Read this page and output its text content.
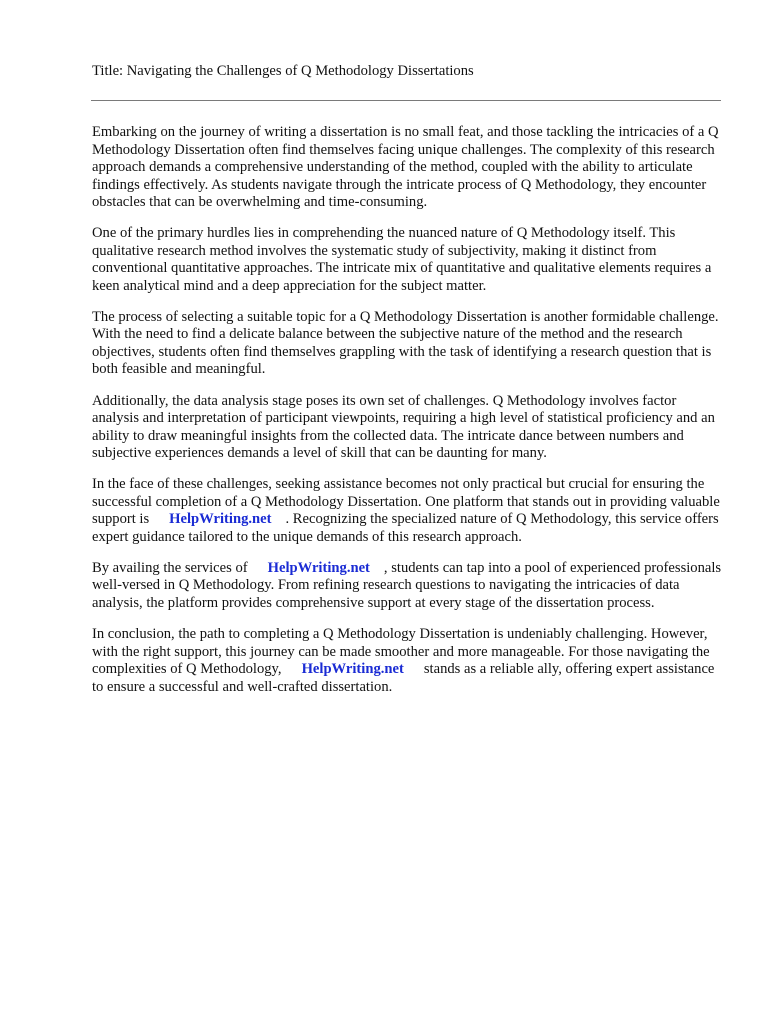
Title: Navigating the Challenges of Q Methodology Dissertations

Embarking on the journey of writing a dissertation is no small feat, and those tackling the intricacies of a Q Methodology Dissertation often find themselves facing unique challenges. The complexity of this research approach demands a comprehensive understanding of the method, coupled with the ability to articulate findings effectively. As students navigate through the intricate process of Q Methodology, they encounter obstacles that can be overwhelming and time-consuming.

One of the primary hurdles lies in comprehending the nuanced nature of Q Methodology itself. This qualitative research method involves the systematic study of subjectivity, making it distinct from conventional quantitative approaches. The intricate mix of quantitative and qualitative elements requires a keen analytical mind and a deep appreciation for the subject matter.

The process of selecting a suitable topic for a Q Methodology Dissertation is another formidable challenge. With the need to find a delicate balance between the subjective nature of the method and the research objectives, students often find themselves grappling with the task of identifying a research question that is both feasible and meaningful.

Additionally, the data analysis stage poses its own set of challenges. Q Methodology involves factor analysis and interpretation of participant viewpoints, requiring a high level of statistical proficiency and an ability to draw meaningful insights from the collected data. The intricate dance between numbers and subjective experiences demands a level of skill that can be daunting for many.

In the face of these challenges, seeking assistance becomes not only practical but crucial for ensuring the successful completion of a Q Methodology Dissertation. One platform that stands out in providing valuable support is HelpWriting.net . Recognizing the specialized nature of Q Methodology, this service offers expert guidance tailored to the unique demands of this research approach.

By availing the services of HelpWriting.net , students can tap into a pool of experienced professionals well-versed in Q Methodology. From refining research questions to navigating the intricacies of data analysis, the platform provides comprehensive support at every stage of the dissertation process.

In conclusion, the path to completing a Q Methodology Dissertation is undeniably challenging. However, with the right support, this journey can be made smoother and more manageable. For those navigating the complexities of Q Methodology, HelpWriting.net stands as a reliable ally, offering expert assistance to ensure a successful and well-crafted dissertation.
